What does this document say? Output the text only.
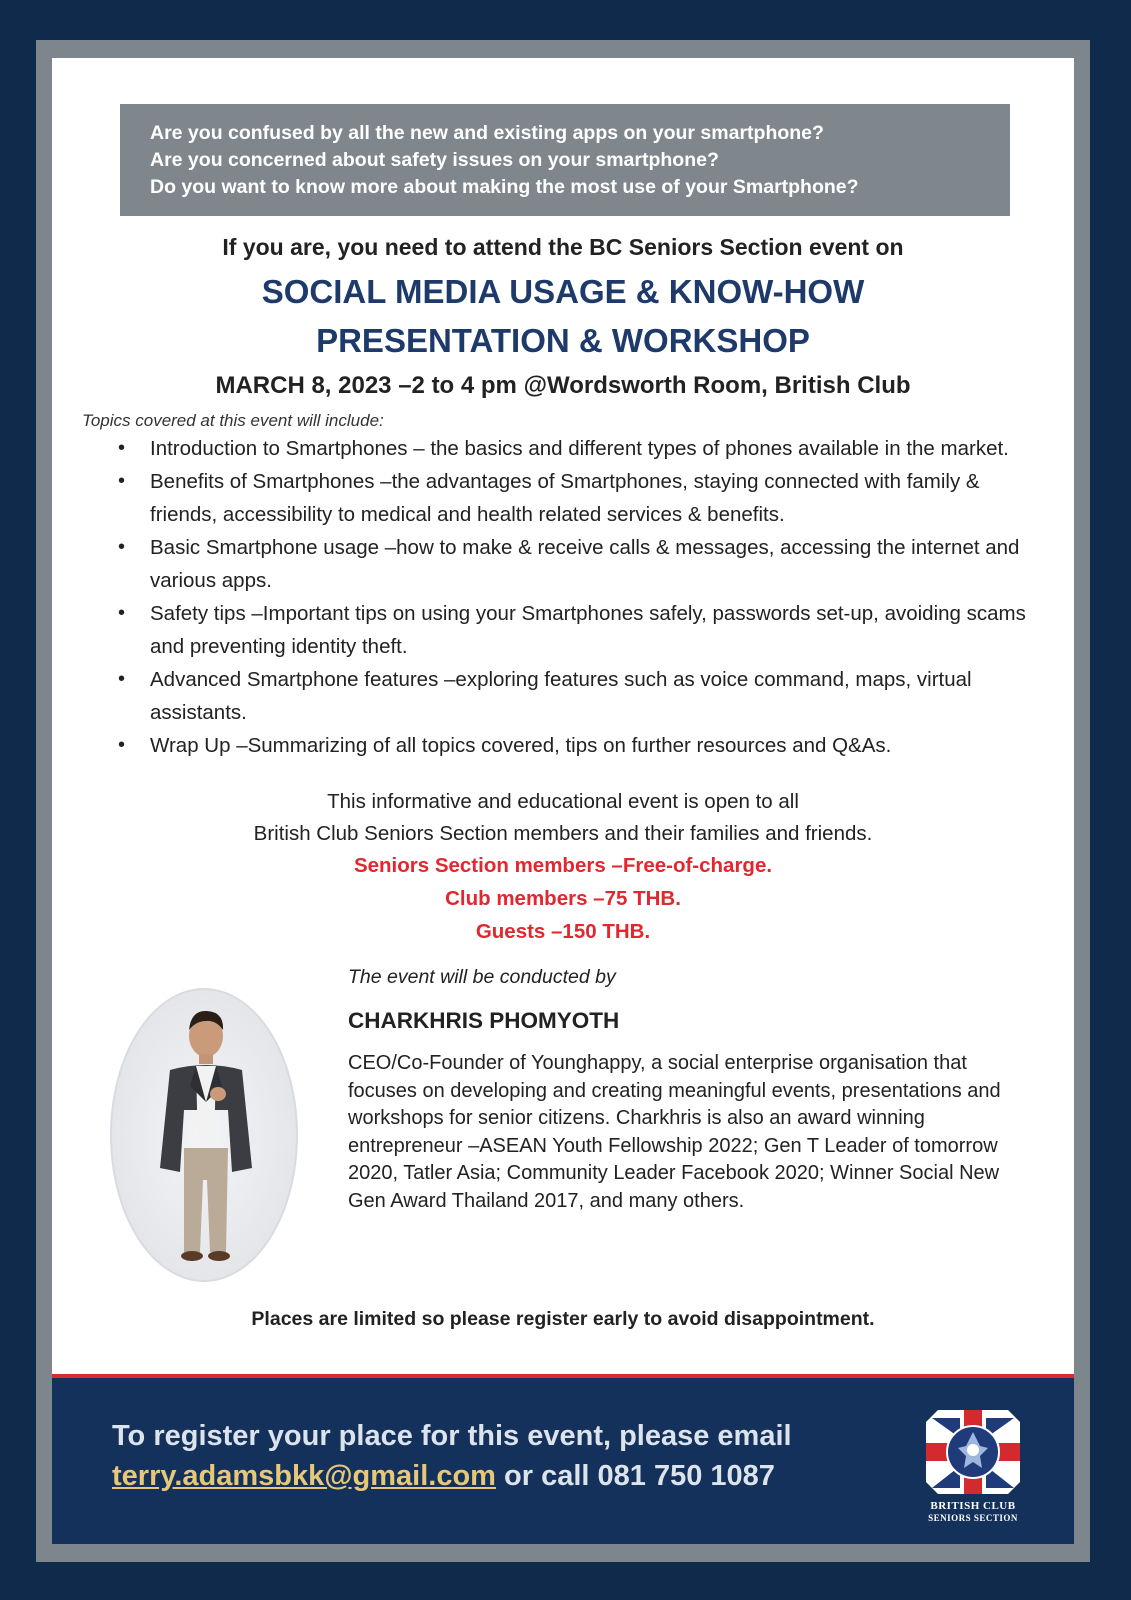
Are you confused by all the new and existing apps on your smartphone?
Are you concerned about safety issues on your smartphone?
Do you want to know more about making the most use of your Smartphone?
If you are, you need to attend the BC Seniors Section event on
SOCIAL MEDIA USAGE & KNOW-HOW
PRESENTATION & WORKSHOP
MARCH 8, 2023 –2 to 4 pm @Wordsworth Room, British Club
Topics covered at this event will include:
• Introduction to Smartphones – the basics and different types of phones available in the market.
• Benefits of Smartphones –the advantages of Smartphones, staying connected with family & friends, accessibility to medical and health related services & benefits.
• Basic Smartphone usage –how to make & receive calls & messages, accessing the internet and various apps.
• Safety tips –Important tips on using your Smartphones safely, passwords set-up, avoiding scams and preventing identity theft.
• Advanced Smartphone features –exploring features such as voice command, maps, virtual assistants.
• Wrap Up –Summarizing of all topics covered, tips on further resources and Q&As.
This informative and educational event is open to all
British Club Seniors Section members and their families and friends.
Seniors Section members –Free-of-charge.
Club members –75 THB.
Guests –150 THB.
The event will be conducted by
CHARKHRIS PHOMYOTH
CEO/Co-Founder of Younghappy, a social enterprise organisation that focuses on developing and creating meaningful events, presentations and workshops for senior citizens. Charkhris is also an award winning entrepreneur –ASEAN Youth Fellowship 2022; Gen T Leader of tomorrow 2020, Tatler Asia; Community Leader Facebook 2020; Winner Social New Gen Award Thailand 2017, and many others.
Places are limited so please register early to avoid disappointment.
To register your place for this event, please email
terry.adamsbkk@gmail.com or call 081 750 1087
BRITISH CLUB
SENIORS SECTION
